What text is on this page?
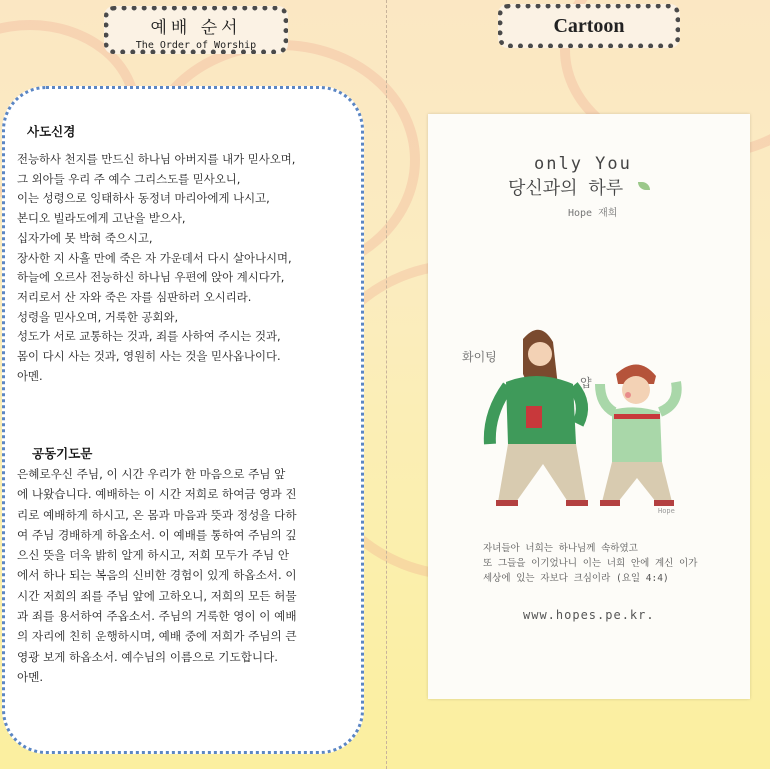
예배 순서
The Order of Worship
Cartoon
사도신경
전능하사 천지를 만드신 하나님 아버지를 내가 믿사오며,
그 외아들 우리 주 예수 그리스도를 믿사오니,
이는 성령으로 잉태하사 동정녀 마리아에게 나시고,
본디오 빌라도에게 고난을 받으사,
십자가에 못 박혀 죽으시고,
장사한 지 사흘 만에 죽은 자 가운데서 다시 살아나시며,
하늘에 오르사 전능하신 하나님 우편에 앉아 계시다가,
저리로서 산 자와 죽은 자를 심판하러 오시리라.
성령을 믿사오며, 거룩한 공회와,
성도가 서로 교통하는 것과, 죄를 사하여 주시는 것과,
몸이 다시 사는 것과, 영원히 사는 것을 믿사옵나이다.
아멘.
공동기도문
은혜로우신 주님, 이 시간 우리가 한 마음으로 주님 앞
에 나왔습니다. 예배하는 이 시간 저희로 하여금 영과 진
리로 예배하게 하시고, 온 몸과 마음과 뜻과 정성을 다하
여 주님 경배하게 하옵소서. 이 예배를 통하여 주님의 깊
으신 뜻을 더욱 밝히 알게 하시고, 저희 모두가 주님 안
에서 하나 되는 복음의 신비한 경험이 있게 하옵소서. 이
시간 저희의 죄를 주님 앞에 고하오니, 저희의 모든 허물
과 죄를 용서하여 주옵소서. 주님의 거룩한 영이 이 예배
의 자리에 친히 운행하시며, 예배 중에 저희가 주님의 큰
영광 보게 하옵소서. 예수님의 이름으로 기도합니다.
아멘.
only You
당신과의 하루
Hope 재희
화이팅
얍
Hope
자녀들아 너희는 하나님께 속하였고
또 그들을 이기었나니 이는 너희 안에 계신 이가
세상에 있는 자보다 크심이라 (요일 4:4)
www.hopes.pe.kr.
